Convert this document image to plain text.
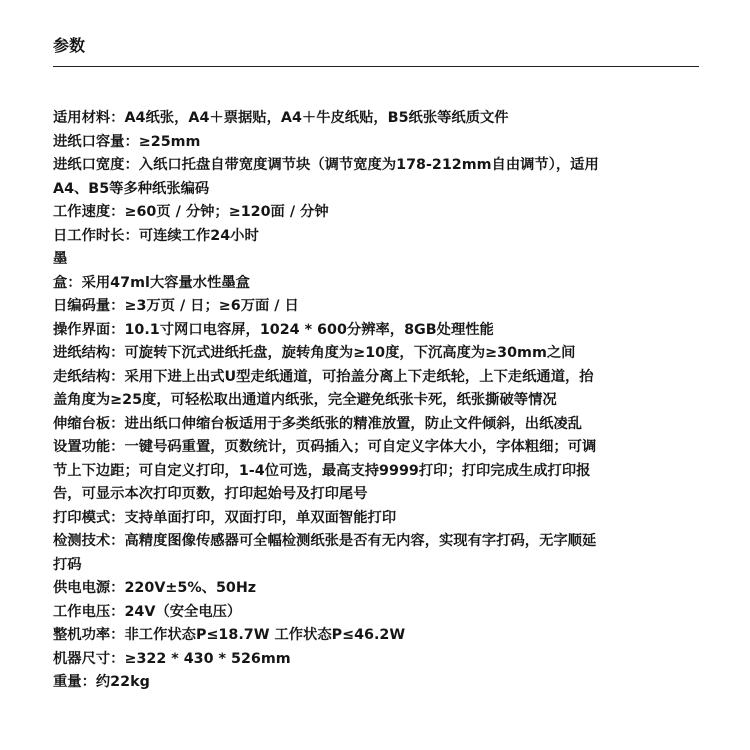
参数
适用材料：A4纸张，A4＋票据贴，A4＋牛皮纸贴，B5纸张等纸质文件
进纸口容量：≥25mm
进纸口宽度：入纸口托盘自带宽度调节块（调节宽度为178-212mm自由调节），适用
A4、B5等多种纸张编码
工作速度：≥60页 / 分钟；≥120面 / 分钟
日工作时长：可连续工作24小时
墨
盒：采用47ml大容量水性墨盒
日编码量：≥3万页 / 日；≥6万面 / 日
操作界面：10.1寸网口电容屏，1024 * 600分辨率，8GB处理性能
进纸结构：可旋转下沉式进纸托盘，旋转角度为≥10度，下沉高度为≥30mm之间
走纸结构：采用下进上出式U型走纸通道，可抬盖分离上下走纸轮，上下走纸通道，抬
盖角度为≥25度，可轻松取出通道内纸张，完全避免纸张卡死，纸张撕破等情况
伸缩台板：进出纸口伸缩台板适用于多类纸张的精准放置，防止文件倾斜，出纸凌乱
设置功能：一键号码重置，页数统计，页码插入；可自定义字体大小，字体粗细；可调
节上下边距；可自定义打印，1-4位可选，最高支持9999打印；打印完成生成打印报
告，可显示本次打印页数，打印起始号及打印尾号
打印模式：支持单面打印，双面打印，单双面智能打印
检测技术：高精度图像传感器可全幅检测纸张是否有无内容，实现有字打码，无字顺延
打码
供电电源：220V±5%、50Hz
工作电压：24V（安全电压）
整机功率：非工作状态P≤18.7W 工作状态P≤46.2W
机器尺寸：≥322 * 430 * 526mm
重量：约22kg
